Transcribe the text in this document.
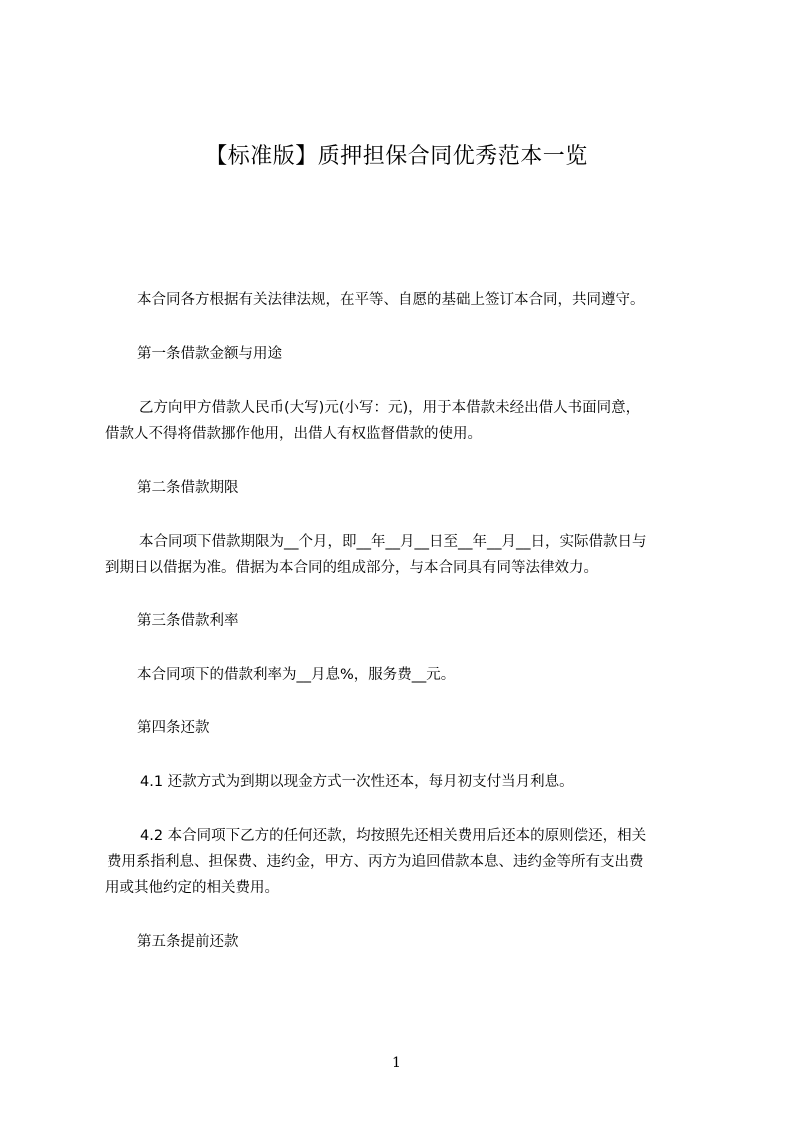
【标准版】质押担保合同优秀范本一览

本合同各方根据有关法律法规，在平等、自愿的基础上签订本合同，共同遵守。

第一条借款金额与用途

乙方向甲方借款人民币(大写)元(小写：元)，用于本借款未经出借人书面同意，

借款人不得将借款挪作他用，出借人有权监督借款的使用。

第二条借款期限

本合同项下借款期限为__个月，即__年__月__日至__年__月__日，实际借款日与

到期日以借据为准。借据为本合同的组成部分，与本合同具有同等法律效力。

第三条借款利率

本合同项下的借款利率为__月息%，服务费__元。

第四条还款

4.1 还款方式为到期以现金方式一次性还本，每月初支付当月利息。

4.2 本合同项下乙方的任何还款，均按照先还相关费用后还本的原则偿还，相关

费用系指利息、担保费、违约金，甲方、丙方为追回借款本息、违约金等所有支出费

用或其他约定的相关费用。

第五条提前还款

1
